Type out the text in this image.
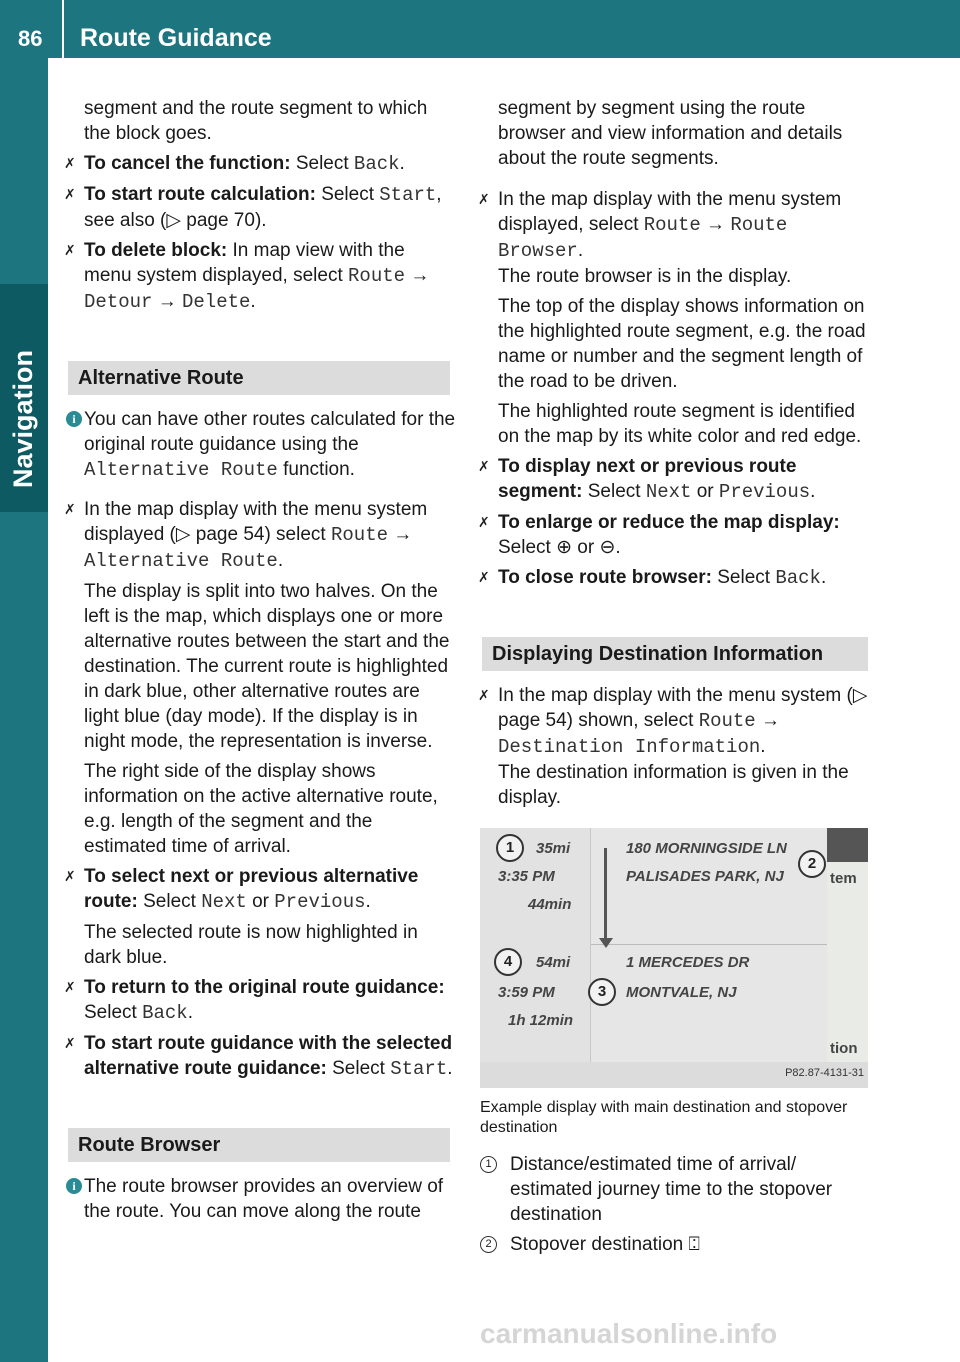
86 Route Guidance
Navigation

segment and the route segment to which the block goes.

✗ To cancel the function: Select Back.
✗ To start route calculation: Select Start, see also (▷ page 70).
✗ To delete block: In map view with the menu system displayed, select Route → Detour → Delete.
Alternative Route
i You can have other routes calculated for the original route guidance using the Alternative Route function.
✗ In the map display with the menu system displayed (▷ page 54) select Route → Alternative Route.
The display is split into two halves. On the left is the map, which displays one or more alternative routes between the start and the destination. The current route is highlighted in dark blue, other alternative routes are light blue (day mode). If the display is in night mode, the representation is inverse.
The right side of the display shows information on the active alternative route, e.g. length of the segment and the estimated time of arrival.
✗ To select next or previous alternative route: Select Next or Previous.
The selected route is now highlighted in dark blue.
✗ To return to the original route guidance: Select Back.
✗ To start route guidance with the selected alternative route guidance: Select Start.
Route Browser
i The route browser provides an overview of the route. You can move along the route

segment by segment using the route browser and view information and details about the route segments.

✗ In the map display with the menu system displayed, select Route → Route Browser.
The route browser is in the display.
The top of the display shows information on the highlighted route segment, e.g. the road name or number and the segment length of the road to be driven.
The highlighted route segment is identified on the map by its white color and red edge.
✗ To display next or previous route segment: Select Next or Previous.
✗ To enlarge or reduce the map display:
Select ⊕ or ⊖.
✗ To close route browser: Select Back.
Displaying Destination Information
✗ In the map display with the menu system (▷ page 54) shown, select Route → Destination Information.
The destination information is given in the display.
35mi
3:35 PM
44min
54mi
3:59 PM
1h 12min
180 MORNINGSIDE LN
PALISADES PARK, NJ
1 MERCEDES DR
MONTVALE, NJ
tem
tion
1
2
3
4
P82.87-4131-31
Example display with main destination and stopover destination
1 Distance/estimated time of arrival/ estimated journey time to the stopover destination
2 Stopover destination ⍠
carmanualsonline.info
